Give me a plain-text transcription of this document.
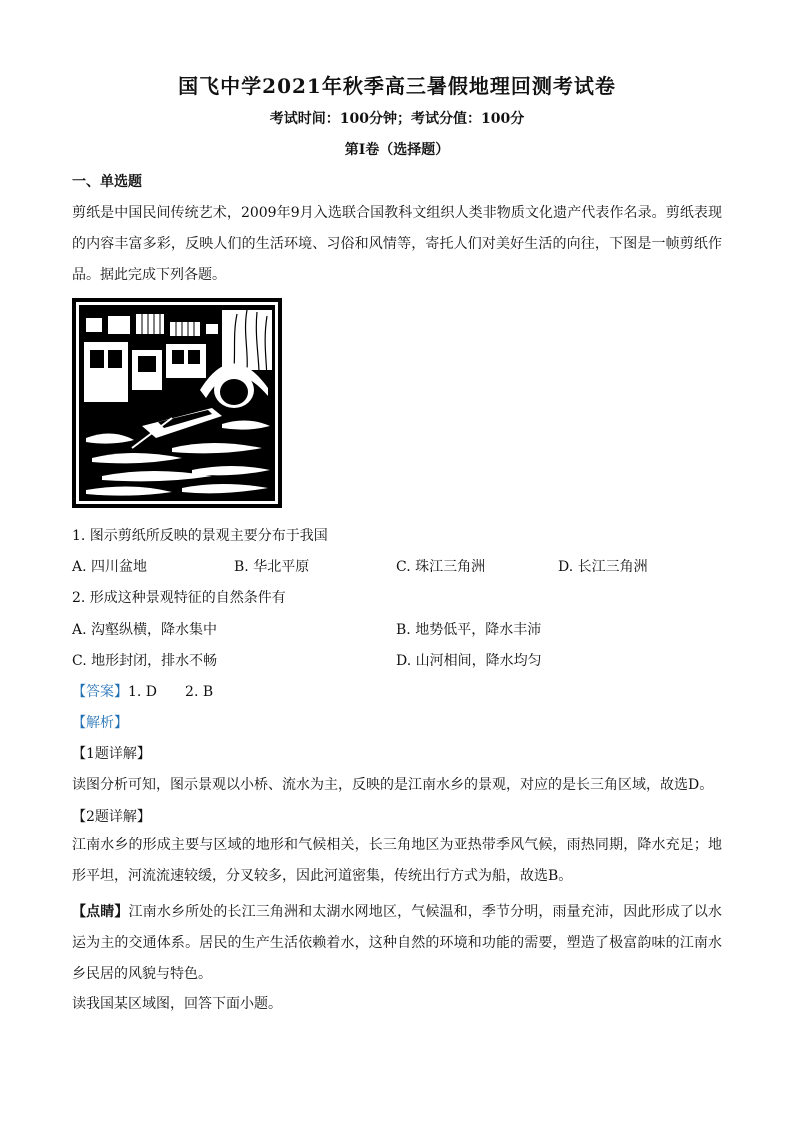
国飞中学2021年秋季高三暑假地理回测考试卷
考试时间：100分钟；考试分值：100分
第I卷（选择题）
一、单选题
剪纸是中国民间传统艺术，2009年9月入选联合国教科文组织人类非物质文化遗产代表作名录。剪纸表现的内容丰富多彩，反映人们的生活环境、习俗和风情等，寄托人们对美好生活的向往，下图是一帧剪纸作品。据此完成下列各题。
1. 图示剪纸所反映的景观主要分布于我国
A. 四川盆地	B. 华北平原	C. 珠江三角洲	D. 长江三角洲
2. 形成这种景观特征的自然条件有
A. 沟壑纵横，降水集中	B. 地势低平，降水丰沛
C. 地形封闭，排水不畅	D. 山河相间，降水均匀
【答案】1. D　　2. B
【解析】
【1题详解】
读图分析可知，图示景观以小桥、流水为主，反映的是江南水乡的景观，对应的是长三角区域，故选D。
【2题详解】
江南水乡的形成主要与区域的地形和气候相关，长三角地区为亚热带季风气候，雨热同期，降水充足；地形平坦，河流流速较缓，分叉较多，因此河道密集，传统出行方式为船，故选B。
【点睛】江南水乡所处的长江三角洲和太湖水网地区，气候温和，季节分明，雨量充沛，因此形成了以水运为主的交通体系。居民的生产生活依赖着水，这种自然的环境和功能的需要，塑造了极富韵味的江南水乡民居的风貌与特色。
读我国某区域图，回答下面小题。
